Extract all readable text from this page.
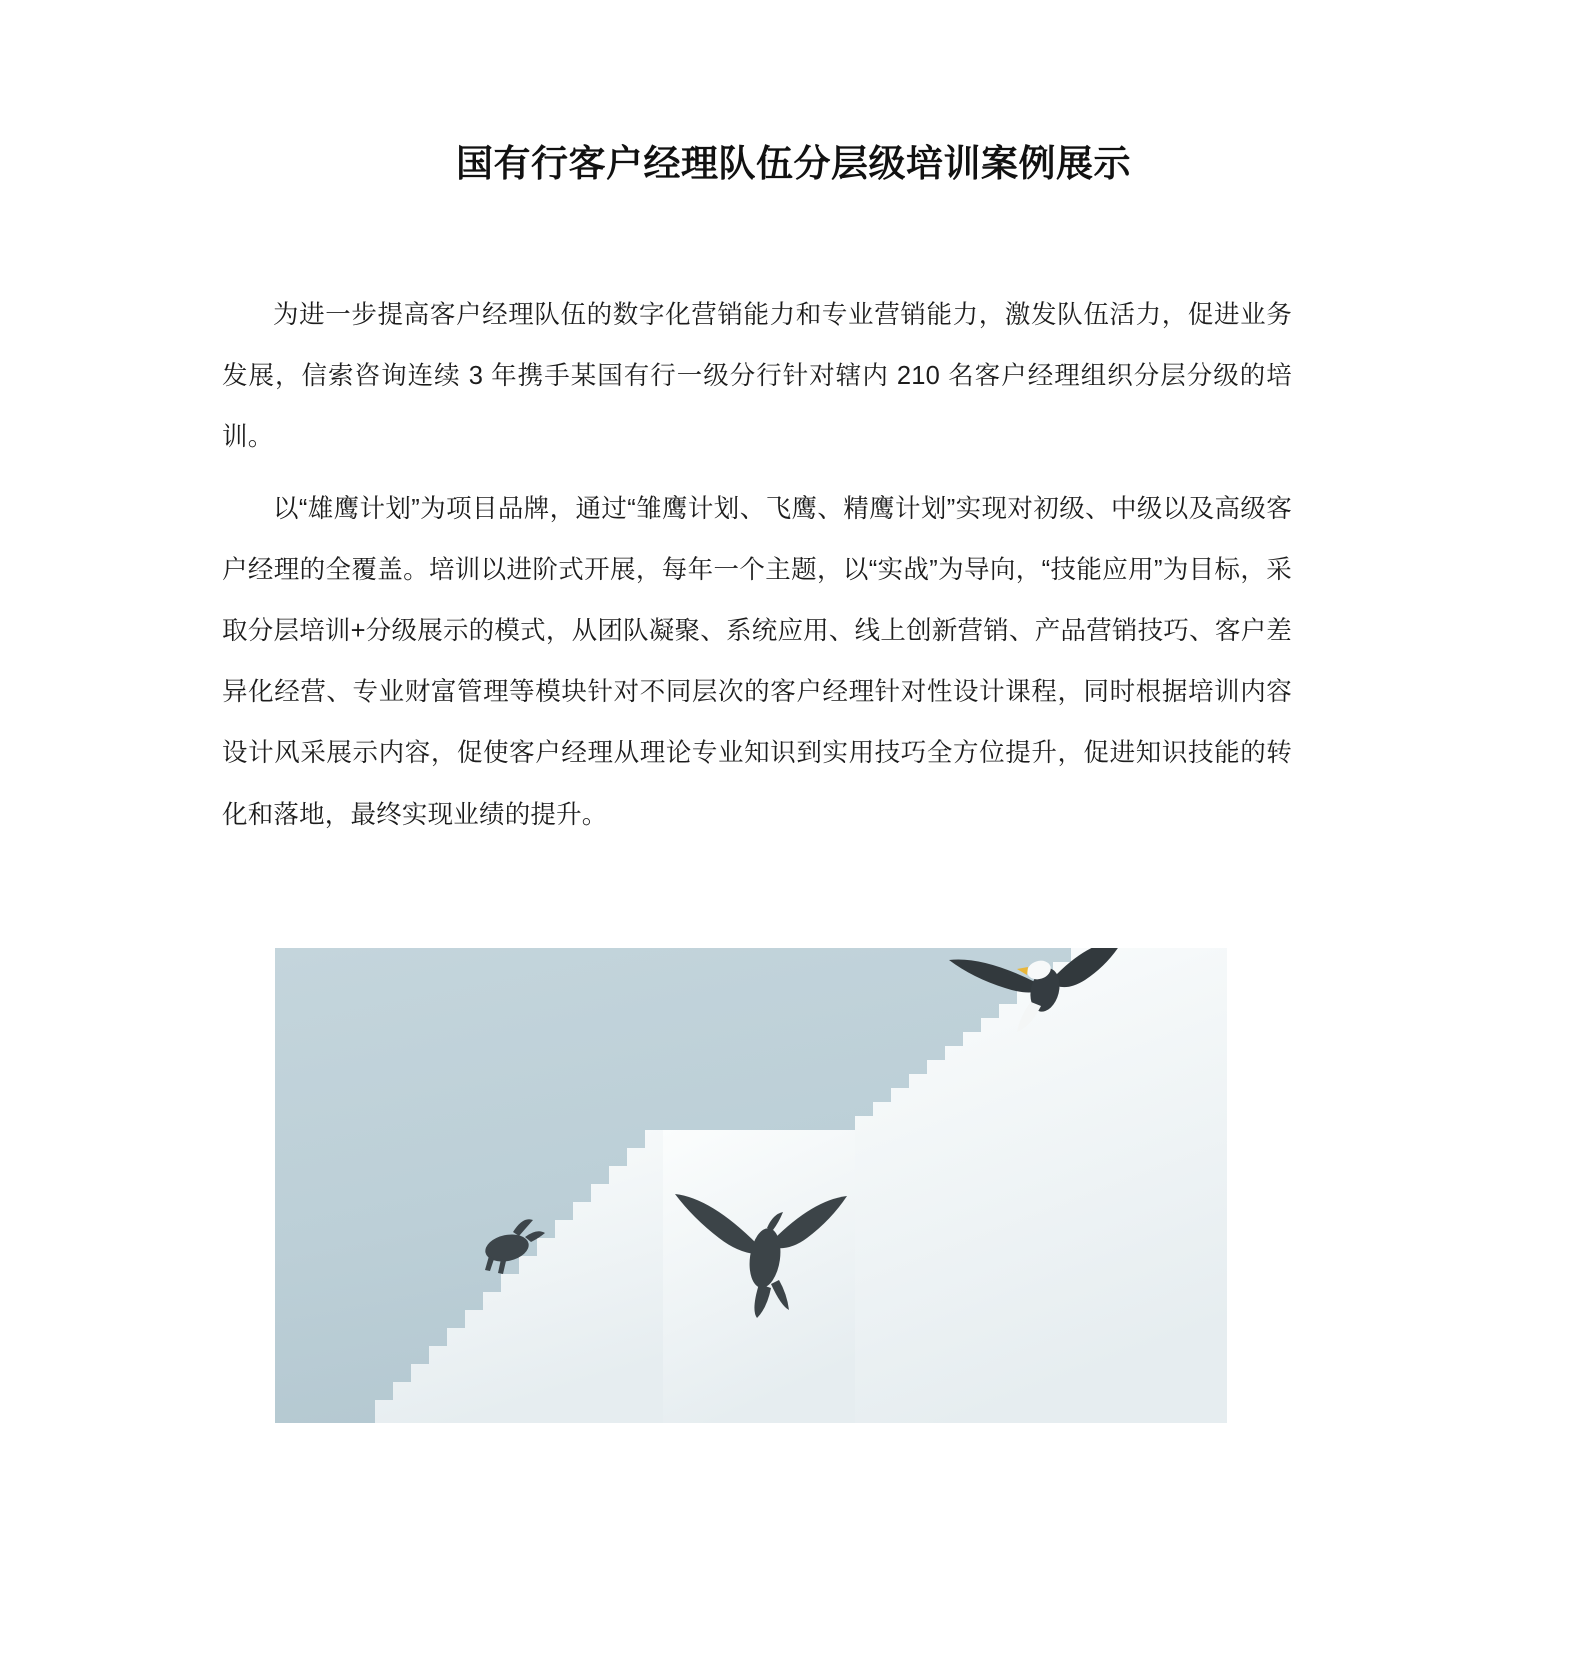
国有行客户经理队伍分层级培训案例展示

为进一步提高客户经理队伍的数字化营销能力和专业营销能力，激发队伍活力，促进业务发展，信索咨询连续 3 年携手某国有行一级分行针对辖内 210 名客户经理组织分层分级的培训。

以“雄鹰计划”为项目品牌，通过“雏鹰计划、飞鹰、精鹰计划”实现对初级、中级以及高级客户经理的全覆盖。培训以进阶式开展，每年一个主题，以“实战”为导向，“技能应用”为目标，采取分层培训+分级展示的模式，从团队凝聚、系统应用、线上创新营销、产品营销技巧、客户差异化经营、专业财富管理等模块针对不同层次的客户经理针对性设计课程，同时根据培训内容设计风采展示内容，促使客户经理从理论专业知识到实用技巧全方位提升，促进知识技能的转化和落地，最终实现业绩的提升。
